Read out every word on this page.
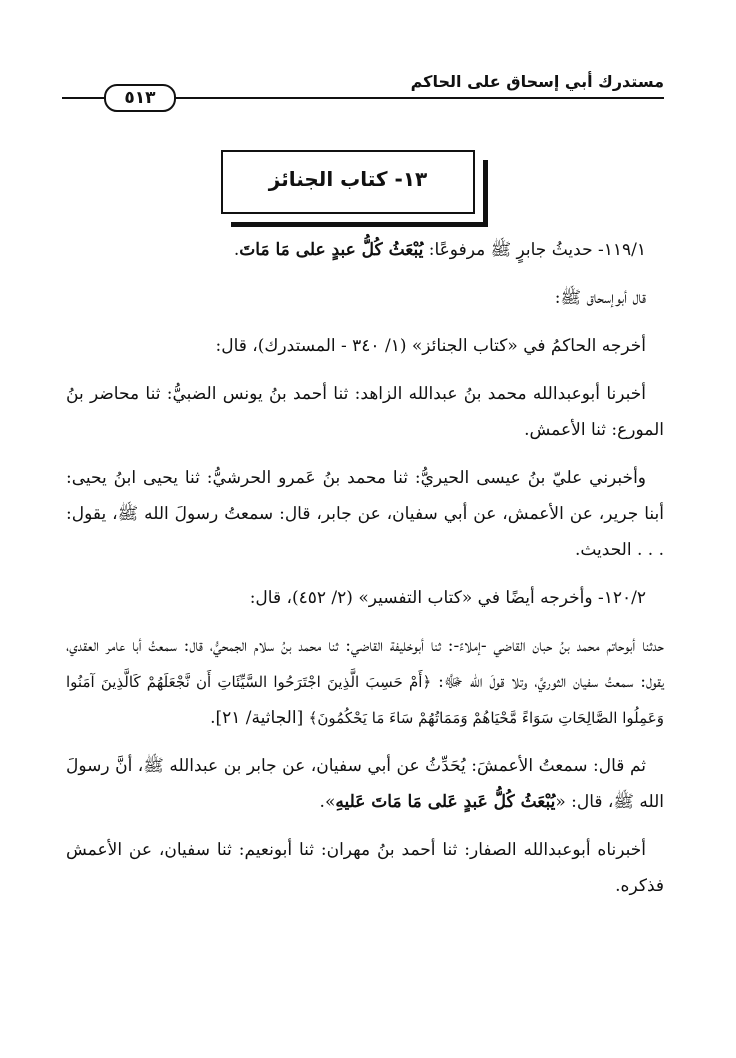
مستدرك أبي إسحاق على الحاكم
٥١٣
١٣- كتاب الجنائز

١١٩/١- حديثُ جابرٍ ﷺ مرفوعًا: يُبْعَثُ كُلُّ عبدٍ على مَا مَاتَ.

قال أبوإسحاق ﷺ:

أخرجه الحاكمُ في «كتاب الجنائز» (١/ ٣٤٠ - المستدرك)، قال:

أخبرنا أبوعبدالله محمد بنُ عبدالله الزاهد: ثنا أحمد بنُ يونس الضبيُّ: ثنا محاضر بنُ المورع: ثنا الأعمش.

وأخبرني عليّ بنُ عيسى الحيريُّ: ثنا محمد بنُ عَمرو الحرشيُّ: ثنا يحيى ابنُ يحيى: أبنا جرير، عن الأعمش، عن أبي سفيان، عن جابر، قال: سمعتُ رسولَ الله ﷺ، يقول: . . . الحديث.

١٢٠/٢- وأخرجه أيضًا في «كتاب التفسير» (٢/ ٤٥٢)، قال:

حدثنا أبوحاتم محمد بنُ حبان القاضي -إملاءً-: ثنا أبوخليفة القاضي: ثنا محمد بنُ سلام الجمحيُّ، قال: سمعتُ أبا عامر العقدي، يقول: سمعتُ سفيان الثوريَّ، وتلا قولَ الله ﷻ: ﴿أَمْ حَسِبَ الَّذِينَ اجْتَرَحُوا السَّيِّئَاتِ أَن نَّجْعَلَهُمْ كَالَّذِينَ آمَنُوا وَعَمِلُوا الصَّالِحَاتِ سَوَاءً مَّحْيَاهُمْ وَمَمَاتُهُمْ سَاءَ مَا يَحْكُمُونَ﴾ [الجاثية/ ٢١].

ثم قال: سمعتُ الأعمشَ: يُحَدِّثُ عن أبي سفيان، عن جابر بن عبدالله ﷺ، أنَّ رسولَ الله ﷺ، قال: «يُبْعَثُ كُلُّ عَبدٍ عَلى مَا مَاتَ عَليهِ».

أخبرناه أبوعبدالله الصفار: ثنا أحمد بنُ مهران: ثنا أبونعيم: ثنا سفيان، عن الأعمش فذكره.
